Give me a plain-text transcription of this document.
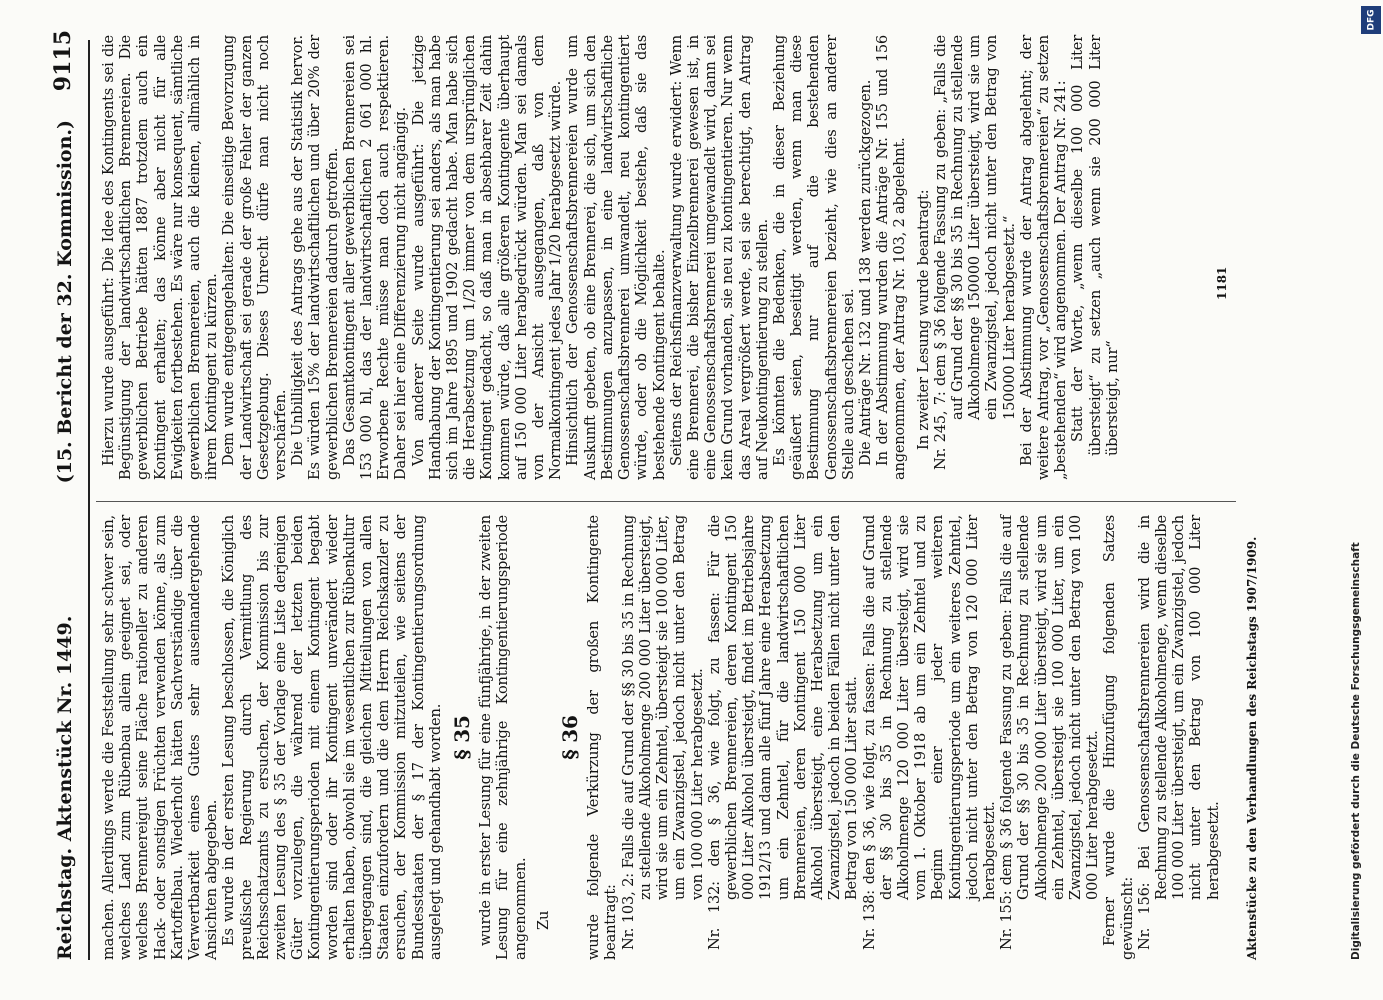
Reichstag. Aktenstück Nr. 1449.
(15. Bericht der 32. Kommission.)
9115

machen. Allerdings werde die Feststellung sehr schwer sein, welches Land zum Rübenbau allein geeignet sei, oder welches Brennereigut seine Fläche rationeller zu anderen Hack- oder sonstigen Früchten verwenden könne, als zum Kartoffelbau. Wiederholt hätten Sachverständige über die Verwertbarkeit eines Gutes sehr auseinandergehende Ansichten abgegeben. Es wurde in der ersten Lesung beschlossen, die Königlich preußische Regierung durch Vermittlung des Reichsschatzamts zu ersuchen, der Kommission bis zur zweiten Lesung des § 35 der Vorlage eine Liste derjenigen Güter vorzulegen, die während der letzten beiden Kontingentierungsperioden mit einem Kontingent begabt worden sind oder ihr Kontingent unverändert wieder erhalten haben, obwohl sie im wesentlichen zur Rübenkultur übergegangen sind, die gleichen Mitteilungen von allen Staaten einzufordern und die dem Herrn Reichskanzler zu ersuchen, der Kommission mitzuteilen, wie seitens der Bundesstaaten der § 17 der Kontingentierungsordnung ausgelegt und gehandhabt worden. § 35 wurde in erster Lesung für eine fünfjährige, in der zweiten Lesung für eine zehnjährige Kontingentierungsperiode angenommen. Zu

§ 36 wurde folgende Verkürzung der großen Kontingente beantragt: Nr. 103, 2: Falls die auf Grund der §§ 30 bis 35 in Rechnung zu stellende Alkoholmenge 200 000 Liter übersteigt, wird sie um ein Zehntel, übersteigt sie 100 000 Liter, um ein Zwanzigstel, jedoch nicht unter den Betrag von 100 000 Liter herabgesetzt. Nr. 132: den § 36, wie folgt, zu fassen: Für die gewerblichen Brennereien, deren Kontingent 150 000 Liter Alkohol übersteigt, findet im Betriebsjahre 1912/13 und dann alle fünf Jahre eine Herabsetzung um ein Zehntel, für die landwirtschaftlichen Brennereien, deren Kontingent 150 000 Liter Alkohol übersteigt, eine Herabsetzung um ein Zwanzigstel, jedoch in beiden Fällen nicht unter den Betrag von 150 000 Liter statt. Nr. 138: den § 36, wie folgt, zu fassen: Falls die auf Grund der §§ 30 bis 35 in Rechnung zu stellende Alkoholmenge 120 000 Liter übersteigt, wird sie vom 1. Oktober 1918 ab um ein Zehntel und zu Beginn einer jeder weiteren Kontingentierungsperiode um ein weiteres Zehntel, jedoch nicht unter den Betrag von 120 000 Liter herabgesetzt. Nr. 155: dem § 36 folgende Fassung zu geben: Falls die auf Grund der §§ 30 bis 35 in Rechnung zu stellende Alkoholmenge 200 000 Liter übersteigt, wird sie um ein Zehntel, übersteigt sie 100 000 Liter, um ein Zwanzigstel, jedoch nicht unter den Betrag von 100 000 Liter herabgesetzt. Ferner wurde die Hinzufügung folgenden Satzes gewünscht: Nr. 156: Bei Genossenschaftsbrennereien wird die in Rechnung zu stellende Alkoholmenge, wenn dieselbe 100 000 Liter übersteigt, um ein Zwanzigstel, jedoch nicht unter den Betrag von 100 000 Liter herabgesetzt.

Hierzu wurde ausgeführt: Die Idee des Kontingents sei die Begünstigung der landwirtschaftlichen Brennereien. Die gewerblichen Betriebe hätten 1887 trotzdem auch ein Kontingent erhalten; das könne aber nicht für alle Ewigkeiten fortbestehen. Es wäre nur konsequent, sämtliche gewerblichen Brennereien, auch die kleinen, allmählich in ihrem Kontingent zu kürzen. Dem wurde entgegengehalten: Die einseitige Bevorzugung der Landwirtschaft sei gerade der große Fehler der ganzen Gesetzgebung. Dieses Unrecht dürfe man nicht noch verschärfen. Die Unbilligkeit des Antrags gehe aus der Statistik hervor. Es würden 15% der landwirtschaftlichen und über 20% der gewerblichen Brennereien dadurch getroffen. Das Gesamtkontingent aller gewerblichen Brennereien sei 153 000 hl, das der landwirtschaftlichen 2 061 000 hl. Erworbene Rechte müsse man doch auch respektieren. Daher sei hier eine Differenzierung nicht angängig. Von anderer Seite wurde ausgeführt: Die jetzige Handhabung der Kontingentierung sei anders, als man habe sich im Jahre 1895 und 1902 gedacht habe. Man habe sich die Herabsetzung um 1/20 immer von dem ursprünglichen Kontingent gedacht, so daß man in absehbarer Zeit dahin kommen würde, daß alle größeren Kontingente überhaupt auf 150 000 Liter herabgedrückt würden. Man sei damals von der Ansicht ausgegangen, daß von dem Normalkontingent jedes Jahr 1/20 herabgesetzt würde. Hinsichtlich der Genossenschaftsbrennereien wurde um Auskunft gebeten, ob eine Brennerei, die sich, um sich den Bestimmungen anzupassen, in eine landwirtschaftliche Genossenschaftsbrennerei umwandelt, neu kontingentiert würde, oder ob die Möglichkeit bestehe, daß sie das bestehende Kontingent behalte. Seitens der Reichsfinanzverwaltung wurde erwidert: Wenn eine Brennerei, die bisher Einzelbrennerei gewesen ist, in eine Genossenschaftsbrennerei umgewandelt wird, dann sei kein Grund vorhanden, sie neu zu kontingentieren. Nur wenn das Areal vergrößert werde, sei sie berechtigt, den Antrag auf Neukontingentierung zu stellen. Es könnten die Bedenken, die in dieser Beziehung geäußert seien, beseitigt werden, wenn man diese Bestimmung nur auf die bestehenden Genossenschaftsbrennereien bezieht, wie dies an anderer Stelle auch geschehen sei. Die Anträge Nr. 132 und 138 werden zurückgezogen. In der Abstimmung wurden die Anträge Nr. 155 und 156 angenommen, der Antrag Nr. 103, 2 abgelehnt. In zweiter Lesung wurde beantragt: Nr. 245, 7: dem § 36 folgende Fassung zu geben: „Falls die auf Grund der §§ 30 bis 35 in Rechnung zu stellende Alkoholmenge 150000 Liter übersteigt, wird sie um ein Zwanzigstel, jedoch nicht unter den Betrag von 150000 Liter herabgesetzt.“ Bei der Abstimmung wurde der Antrag abgelehnt; der weitere Antrag, vor „Genossenschaftsbrennereien“ zu setzen „bestehenden“ wird angenommen. Der Antrag Nr. 241: Statt der Worte, „wenn dieselbe 100 000 Liter übersteigt“ zu setzen „auch wenn sie 200 000 Liter übersteigt, nur“

Aktenstücke zu den Verhandlungen des Reichstags 1907/1909.
1181
Digitalisierung gefördert durch die Deutsche Forschungsgemeinschaft
DFG
